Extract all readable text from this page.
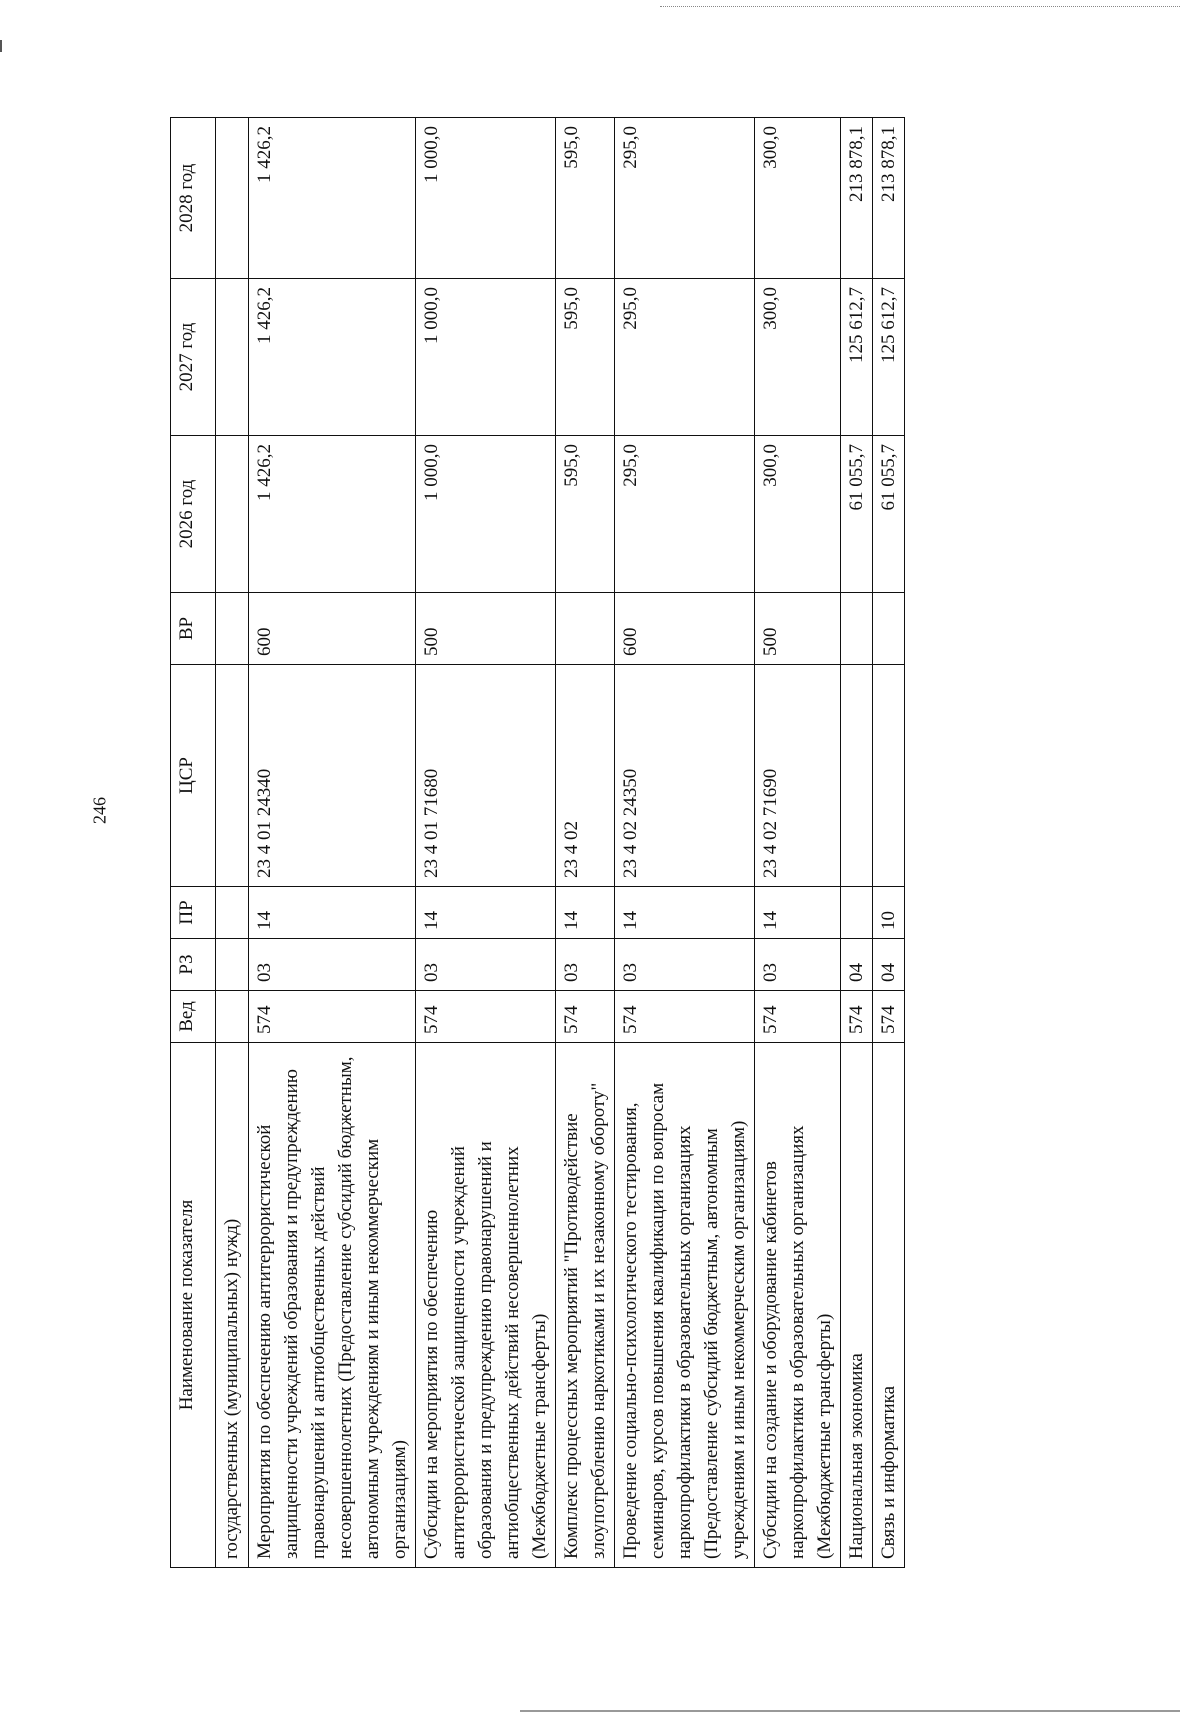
246
Наименование показателя	Вед	РЗ	ПР	ЦСР	ВР	2026 год	2027 год	2028 год
государственных (муниципальных) нужд)								
Мероприятия по обеспечению антитеррористической защищенности учреждений образования и предупреждению правонарушений и антиобщественных действий несовершеннолетних (Предоставление субсидий бюджетным, автономным учреждениям и иным некоммерческим организациям)	574	03	14	23 4 01 24340	600	1 426,2	1 426,2	1 426,2
Субсидии на мероприятия по обеспечению антитеррористической защищенности учреждений образования и предупреждению правонарушений и антиобщественных действий несовершеннолетних (Межбюджетные трансферты)	574	03	14	23 4 01 71680	500	1 000,0	1 000,0	1 000,0
Комплекс процессных мероприятий "Противодействие злоупотреблению наркотиками и их незаконному обороту"	574	03	14	23 4 02		595,0	595,0	595,0
Проведение социально-психологического тестирования, семинаров, курсов повышения квалификации по вопросам наркопрофилактики в образовательных организациях (Предоставление субсидий бюджетным, автономным учреждениям и иным некоммерческим организациям)	574	03	14	23 4 02 24350	600	295,0	295,0	295,0
Субсидии на создание и оборудование кабинетов наркопрофилактики в образовательных организациях (Межбюджетные трансферты)	574	03	14	23 4 02 71690	500	300,0	300,0	300,0
Национальная экономика	574	04				61 055,7	125 612,7	213 878,1
Связь и информатика	574	04	10			61 055,7	125 612,7	213 878,1
